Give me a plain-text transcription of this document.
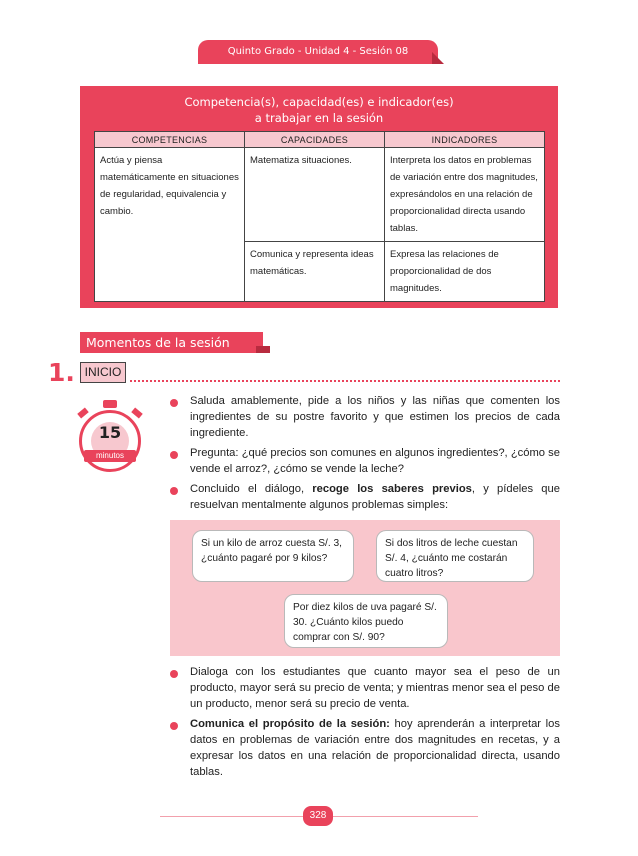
Quinto Grado - Unidad 4 - Sesión 08
Competencia(s), capacidad(es) e indicador(es)
a trabajar en la sesión
COMPETENCIAS	CAPACIDADES	INDICADORES
Actúa y piensa matemáticamente en situaciones de regularidad, equivalencia y cambio.	Matematiza situaciones.	Interpreta los datos en problemas de variación entre dos magnitudes, expresándolos en una relación de proporcionalidad directa usando tablas.
	Comunica y representa ideas matemáticas.	Expresa las relaciones de proporcionalidad de dos magnitudes.
Momentos de la sesión
1. INICIO
15
minutos
Saluda amablemente, pide a los niños y las niñas que comenten los ingredientes de su postre favorito y que estimen los precios de cada ingrediente.
Pregunta: ¿qué precios son comunes en algunos ingredientes?, ¿cómo se vende el arroz?, ¿cómo se vende la leche?
Concluido el diálogo, recoge los saberes previos, y pídeles que resuelvan mentalmente algunos problemas simples:
Si un kilo de arroz cuesta S/. 3, ¿cuánto pagaré por 9 kilos?
Si dos litros de leche cuestan S/. 4, ¿cuánto me costarán cuatro litros?
Por diez kilos de uva pagaré S/. 30. ¿Cuánto kilos puedo comprar con S/. 90?
Dialoga con los estudiantes que cuanto mayor sea el peso de un producto, mayor será su precio de venta; y mientras menor sea el peso de un producto, menor será su precio de venta.
Comunica el propósito de la sesión: hoy aprenderán a interpretar los datos en problemas de variación entre dos magnitudes en recetas, y a expresar los datos en una relación de proporcionalidad directa, usando tablas.
328
